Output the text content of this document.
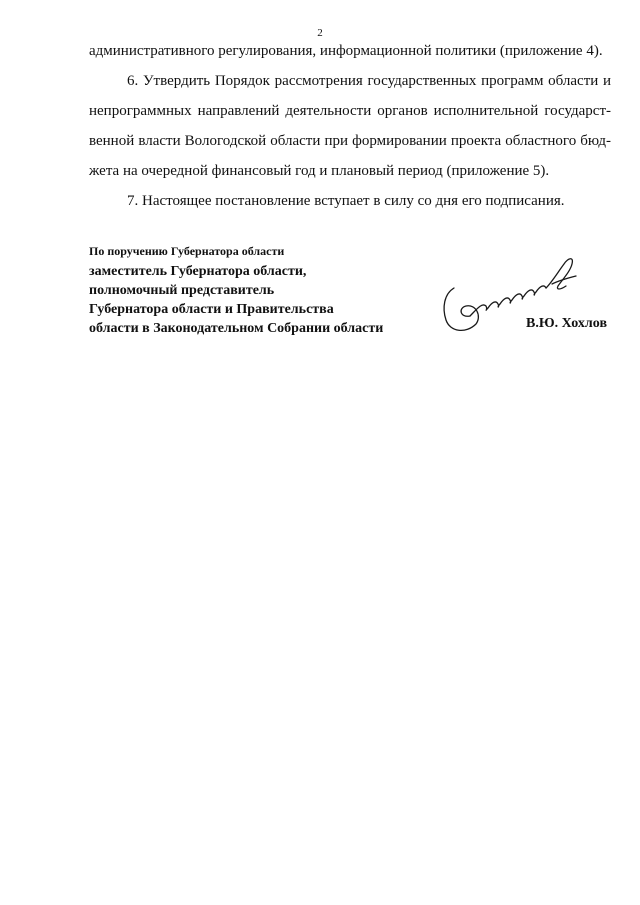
2
административного регулирования, информационной политики (приложение 4).
6. Утвердить Порядок рассмотрения государственных программ области и
непрограммных направлений деятельности органов исполнительной государст-
венной власти Вологодской области при формировании проекта областного бюд-
жета на очередной финансовый год и плановый период (приложение 5).
7. Настоящее постановление вступает в силу со дня его подписания.
По поручению Губернатора области
заместитель Губернатора области,
полномочный представитель
Губернатора области и Правительства
области в Законодательном Собрании области	В.Ю. Хохлов
